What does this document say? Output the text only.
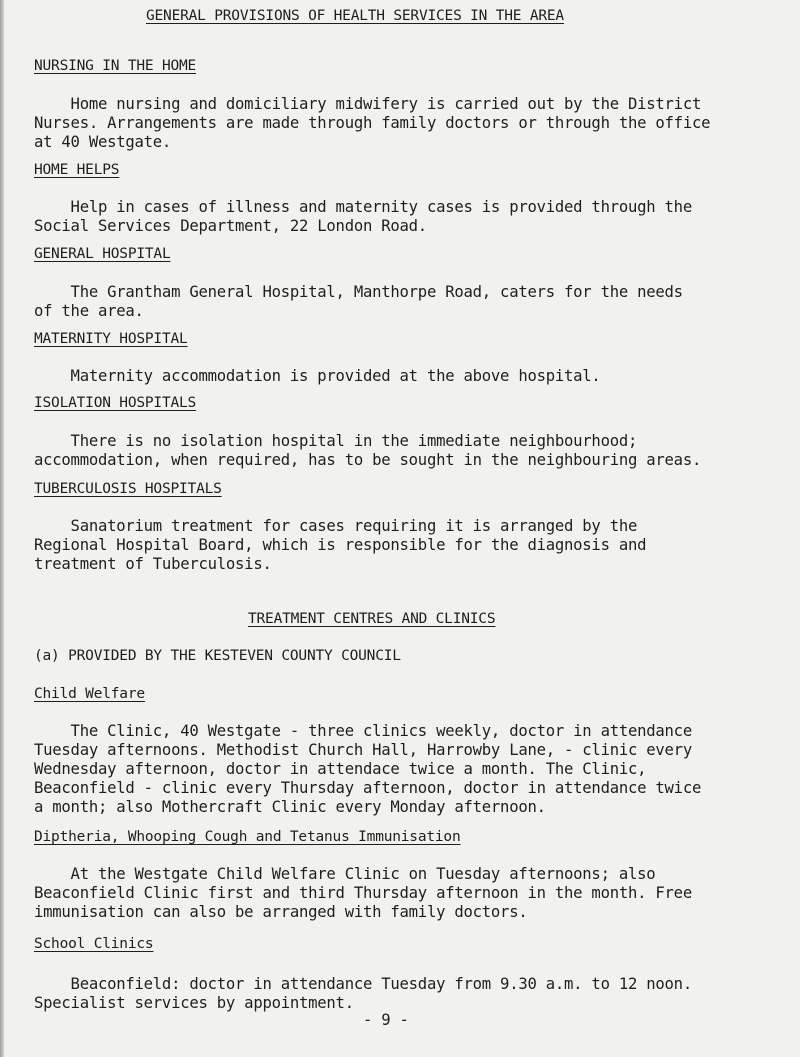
GENERAL PROVISIONS OF HEALTH SERVICES IN THE AREA

NURSING IN THE HOME

Home nursing and domiciliary midwifery is carried out by the District

Nurses. Arrangements are made through family doctors or through the office

at 40 Westgate.

HOME HELPS

Help in cases of illness and maternity cases is provided through the

Social Services Department, 22 London Road.

GENERAL HOSPITAL

The Grantham General Hospital, Manthorpe Road, caters for the needs

of the area.

MATERNITY HOSPITAL

Maternity accommodation is provided at the above hospital.

ISOLATION HOSPITALS

There is no isolation hospital in the immediate neighbourhood;

accommodation, when required, has to be sought in the neighbouring areas.

TUBERCULOSIS HOSPITALS

Sanatorium treatment for cases requiring it is arranged by the

Regional Hospital Board, which is responsible for the diagnosis and

treatment of Tuberculosis.

TREATMENT CENTRES AND CLINICS

(a) PROVIDED BY THE KESTEVEN COUNTY COUNCIL

Child Welfare

The Clinic, 40 Westgate - three clinics weekly, doctor in attendance

Tuesday afternoons. Methodist Church Hall, Harrowby Lane, - clinic every

Wednesday afternoon, doctor in attendace twice a month. The Clinic,

Beaconfield - clinic every Thursday afternoon, doctor in attendance twice

a month; also Mothercraft Clinic every Monday afternoon.

Diptheria, Whooping Cough and Tetanus Immunisation

At the Westgate Child Welfare Clinic on Tuesday afternoons; also

Beaconfield Clinic first and third Thursday afternoon in the month. Free

immunisation can also be arranged with family doctors.

School Clinics

Beaconfield: doctor in attendance Tuesday from 9.30 a.m. to 12 noon.

Specialist services by appointment.

- 9 -
